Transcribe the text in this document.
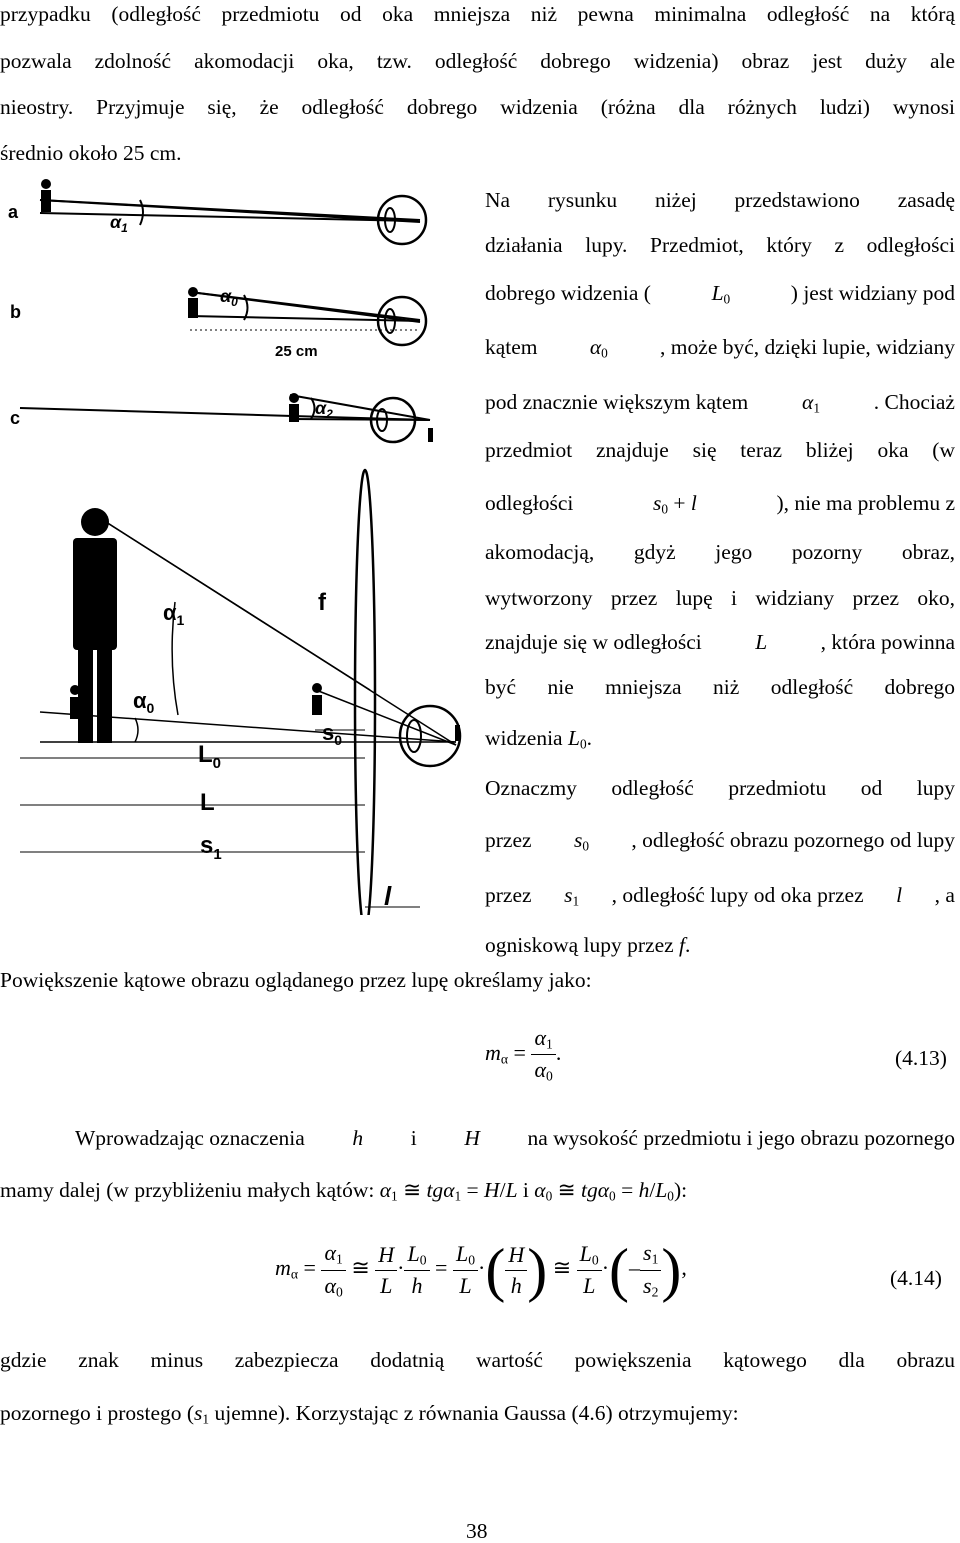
przypadku (odległość przedmiotu od oka mniejsza niż pewna minimalna odległość na którą
pozwala zdolność akomodacji oka, tzw. odległość dobrego widzenia) obraz jest duży ale
nieostry. Przyjmuje się, że odległość dobrego widzenia (różna dla różnych ludzi) wynosi
średnio około 25 cm.
Na rysunku niżej przedstawiono zasadę
działania lupy. Przedmiot, który z odległości
dobrego widzenia (	$L_0$	) jest widziany pod
kątem $\alpha_0$ , może być, dzięki lupie, widziany
pod znacznie większym kątem	$\alpha_1$	. Chociaż
przedmiot znajduje się teraz bliżej oka (w
odległości	$s_0 + l$	), nie ma problemu z
akomodacją, gdyż jego pozorny obraz,
wytworzony przez lupę i widziany przez oko,
znajduje się w odległości L , która powinna
być nie mniejsza niż odległość dobrego
widzenia $L_0$.
Oznaczmy odległość przedmiotu od lupy
przez $s_0$ , odległość obrazu pozornego od lupy
przez $s_1$ , odległość lupy od oka przez l , a
ogniskową lupy przez f.
a
b
c
$\alpha_1$
$\alpha_0$
25 cm
$\alpha_2$
$\alpha_1$
$\alpha_0$
f
$s_0$
$L_0$
L
$s_1$
l
Powiększenie kątowe obrazu oglądanego przez lupę określamy jako:
$m_\alpha = \frac{\alpha_1}{\alpha_0}$ .	(4.13)
Wprowadzając oznaczenia h i H na wysokość przedmiotu i jego obrazu pozornego
mamy dalej (w przybliżeniu małych kątów: $\alpha_1$ ≅ tgα$_1$ = H/L i $\alpha_0$ ≅ $tg\alpha_0 = h/L_0$):
$m_\alpha = \frac{\alpha_1}{\alpha_0}$ ≅ $\frac{H}{L} \cdot \frac{L_0}{h} = \frac{L_0}{L}$ ·( $\frac{H}{h}$ ) ≅ $\frac{L_0}{L}$ ·(– $\frac{s_1}{s_2}$ ),	(4.14)
gdzie znak minus zabezpiecza dodatnią wartość powiększenia kątowego dla obrazu
pozornego i prostego ($s_1$ ujemne). Korzystając z równania Gaussa (4.6) otrzymujemy:
38
